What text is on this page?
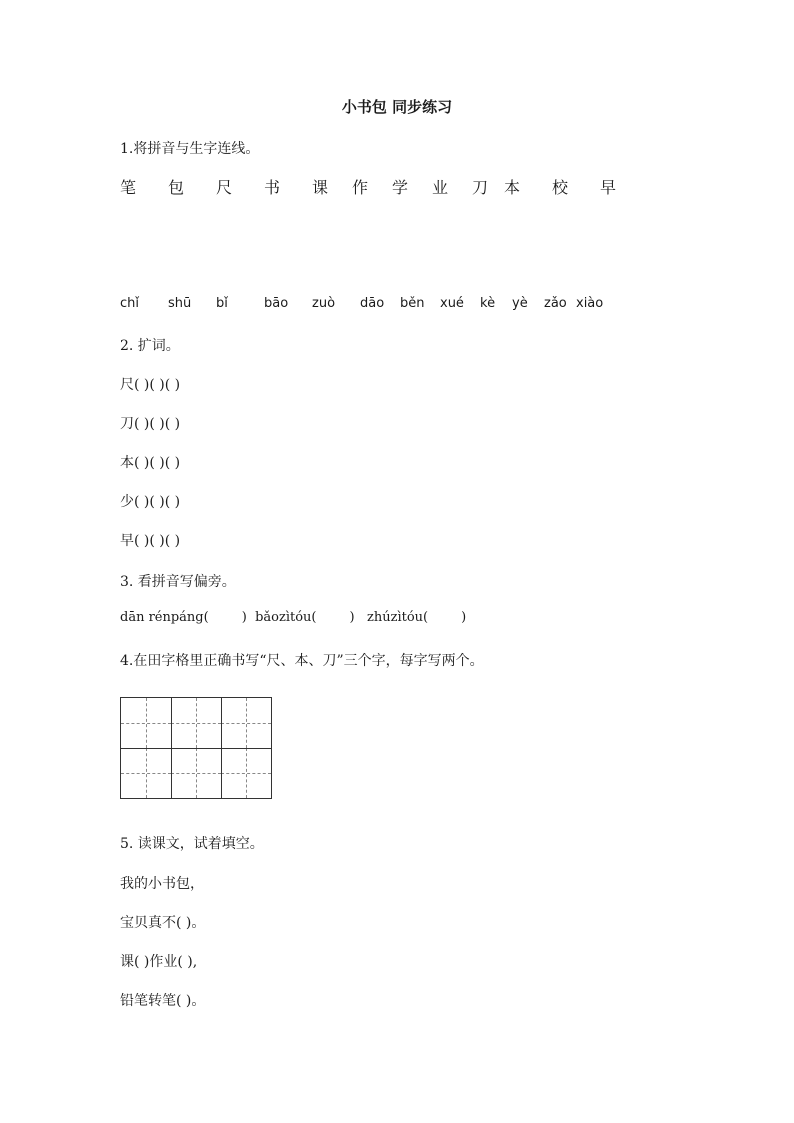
小书包 同步练习
1.将拼音与生字连线。
笔 包 尺 书 课 作 学 业 刀 本 校 早
chǐ shū bǐ	bāo zuò dāo běn xué kè yè zǎo xiào
2. 扩词。
尺( )( )( )
刀( )( )( )
本( )( )( )
少( )( )( )
早( )( )( )
3. 看拼音写偏旁。
dān rénpáng(        )  bǎozìtóu(        )   zhúzìtóu(        )
4.在田字格里正确书写“尺、本、刀”三个字，每字写两个。
5. 读课文，试着填空。
我的小书包，
宝贝真不( )。
课( )作业( ),
铅笔转笔( )。
